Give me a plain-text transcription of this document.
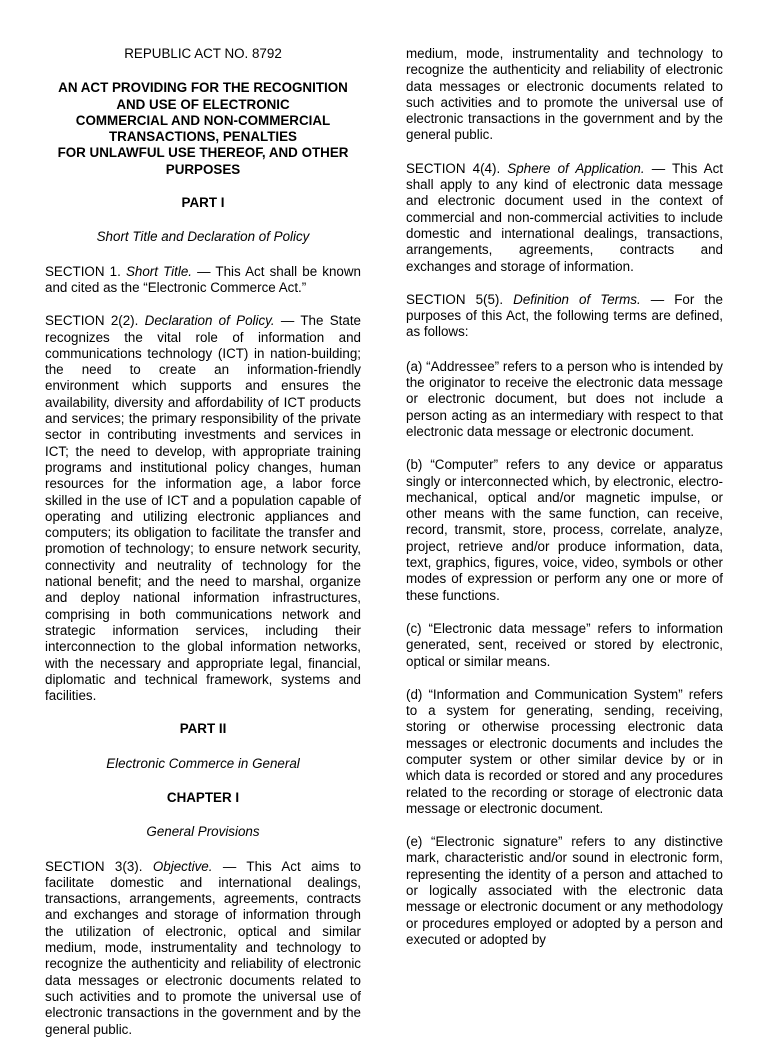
REPUBLIC ACT NO. 8792

AN ACT PROVIDING FOR THE RECOGNITION
AND USE OF ELECTRONIC
COMMERCIAL AND NON-COMMERCIAL
TRANSACTIONS, PENALTIES
FOR UNLAWFUL USE THEREOF, AND OTHER
PURPOSES

PART I

Short Title and Declaration of Policy

SECTION 1. Short Title. — This Act shall be known and cited as the “Electronic Commerce Act.”

SECTION 2(2). Declaration of Policy. — The State recognizes the vital role of information and communications technology (ICT) in nation-building; the need to create an information-friendly environment which supports and ensures the availability, diversity and affordability of ICT products and services; the primary responsibility of the private sector in contributing investments and services in ICT; the need to develop, with appropriate training programs and institutional policy changes, human resources for the information age, a labor force skilled in the use of ICT and a population capable of operating and utilizing electronic appliances and computers; its obligation to facilitate the transfer and promotion of technology; to ensure network security, connectivity and neutrality of technology for the national benefit; and the need to marshal, organize and deploy national information infrastructures, comprising in both communications network and strategic information services, including their interconnection to the global information networks, with the necessary and appropriate legal, financial, diplomatic and technical framework, systems and facilities.

PART II

Electronic Commerce in General

CHAPTER I

General Provisions

SECTION 3(3). Objective. — This Act aims to facilitate domestic and international dealings, transactions, arrangements, agreements, contracts and exchanges and storage of information through the utilization of electronic, optical and similar medium, mode, instrumentality and technology to recognize the authenticity and reliability of electronic data messages or electronic documents related to such activities and to promote the universal use of electronic transactions in the government and by the general public.

medium, mode, instrumentality and technology to recognize the authenticity and reliability of electronic data messages or electronic documents related to such activities and to promote the universal use of electronic transactions in the government and by the general public.

SECTION 4(4). Sphere of Application. — This Act shall apply to any kind of electronic data message and electronic document used in the context of commercial and non-commercial activities to include domestic and international dealings, transactions, arrangements, agreements, contracts and exchanges and storage of information.

SECTION 5(5). Definition of Terms. — For the purposes of this Act, the following terms are defined, as follows:

(a) “Addressee” refers to a person who is intended by the originator to receive the electronic data message or electronic document, but does not include a person acting as an intermediary with respect to that electronic data message or electronic document.

(b) “Computer” refers to any device or apparatus singly or interconnected which, by electronic, electro-mechanical, optical and/or magnetic impulse, or other means with the same function, can receive, record, transmit, store, process, correlate, analyze, project, retrieve and/or produce information, data, text, graphics, figures, voice, video, symbols or other modes of expression or perform any one or more of these functions.

(c) “Electronic data message” refers to information generated, sent, received or stored by electronic, optical or similar means.

(d) “Information and Communication System” refers to a system for generating, sending, receiving, storing or otherwise processing electronic data messages or electronic documents and includes the computer system or other similar device by or in which data is recorded or stored and any procedures related to the recording or storage of electronic data message or electronic document.

(e) “Electronic signature” refers to any distinctive mark, characteristic and/or sound in electronic form, representing the identity of a person and attached to or logically associated with the electronic data message or electronic document or any methodology or procedures employed or adopted by a person and executed or adopted by
